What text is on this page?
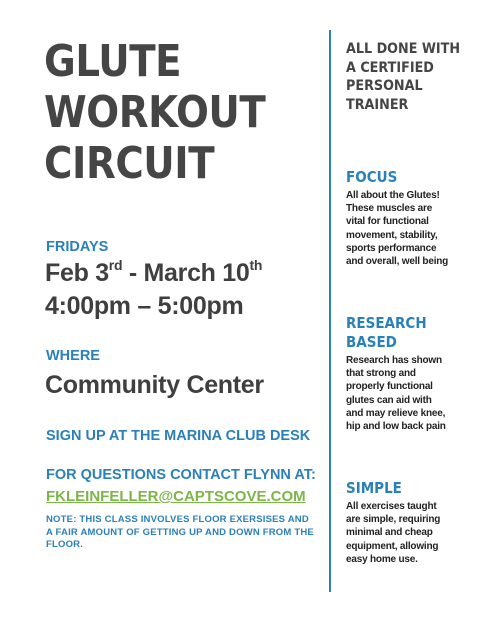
GLUTE
WORKOUT
CIRCUIT
FRIDAYS
Feb 3rd - March 10th
4:00pm – 5:00pm
WHERE
Community Center
SIGN UP AT THE MARINA CLUB DESK
FOR QUESTIONS CONTACT FLYNN AT:
FKLEINFELLER@CAPTSCOVE.COM
NOTE: THIS CLASS INVOLVES FLOOR EXERSISES AND A FAIR AMOUNT OF GETTING UP AND DOWN FROM THE FLOOR.
ALL DONE WITH A CERTIFIED PERSONAL TRAINER
FOCUS
All about the Glutes! These muscles are vital for functional movement, stability, sports performance and overall, well being
RESEARCH BASED
Research has shown that strong and properly functional glutes can aid with and may relieve knee, hip and low back pain
SIMPLE
All exercises taught are simple, requiring minimal and cheap equipment, allowing easy home use.
